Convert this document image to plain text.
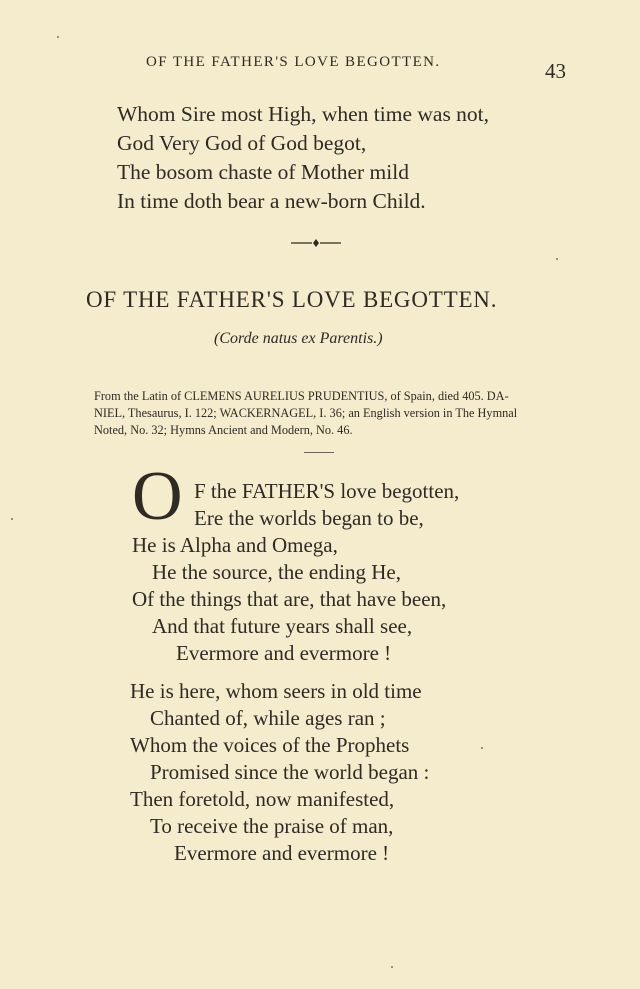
OF THE FATHER'S LOVE BEGOTTEN.	43
Whom Sire most High, when time was not,
God Very God of God begot,
The bosom chaste of Mother mild
In time doth bear a new-born Child.
OF THE FATHER'S LOVE BEGOTTEN.
(Corde natus ex Parentis.)
From the Latin of CLEMENS AURELIUS PRUDENTIUS, of Spain, died 405. DA-
NIEL, Thesaurus, I. 122; WACKERNAGEL, I. 36; an English version in The Hymnal
Noted, No. 32; Hymns Ancient and Modern, No. 46.
O F the FATHER'S love begotten,
Ere the worlds began to be,
He is Alpha and Omega,
He the source, the ending He,
Of the things that are, that have been,
And that future years shall see,
Evermore and evermore !
He is here, whom seers in old time
Chanted of, while ages ran ;
Whom the voices of the Prophets
Promised since the world began :
Then foretold, now manifested,
To receive the praise of man,
Evermore and evermore !
